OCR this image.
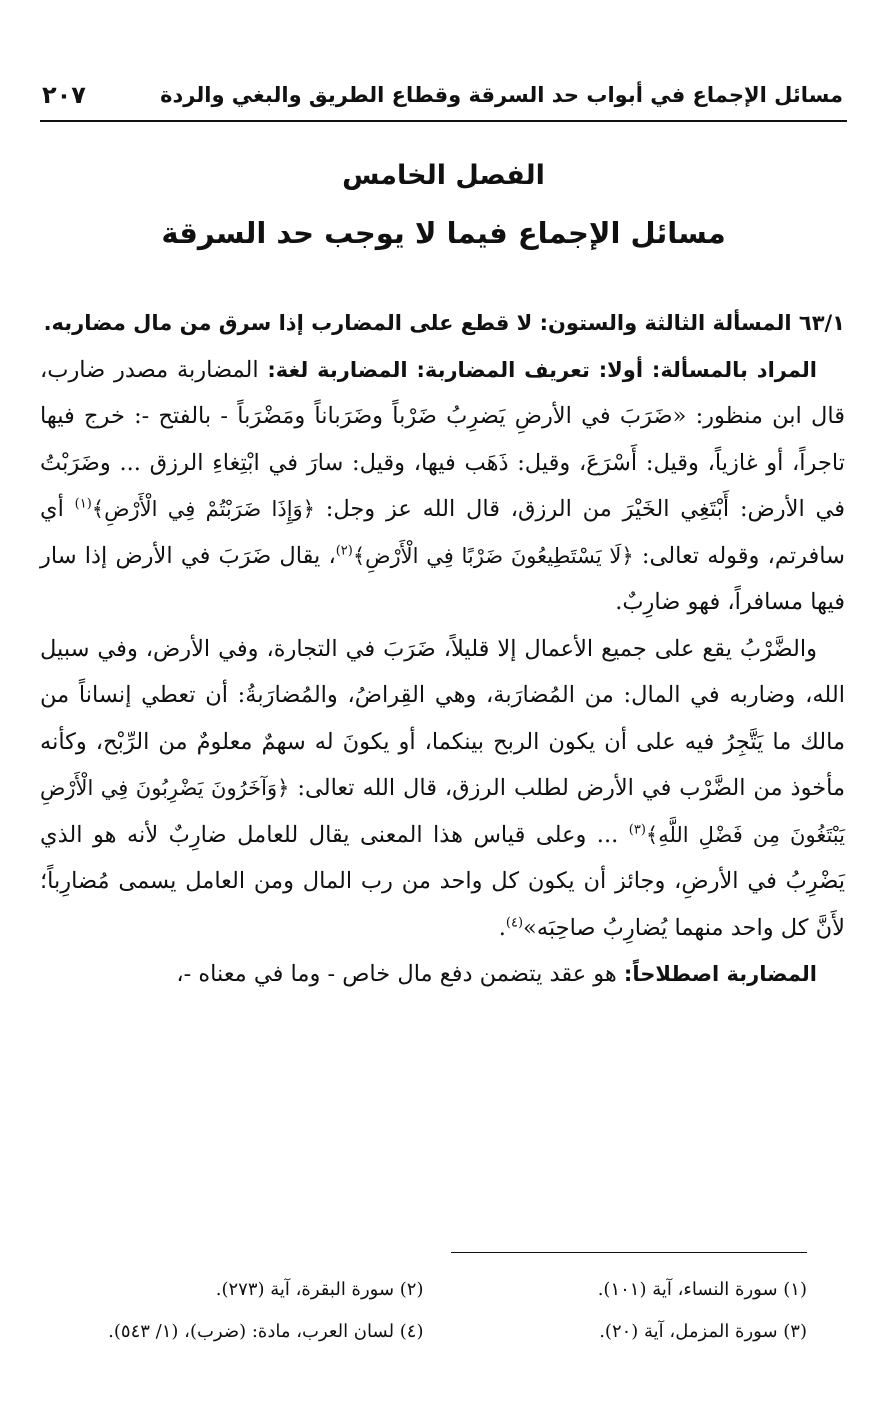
مسائل الإجماع في أبواب حد السرقة وقطاع الطريق والبغي والردة
٢٠٧
الفصل الخامس
مسائل الإجماع فيما لا يوجب حد السرقة

٦٣/١ المسألة الثالثة والستون: لا قطع على المضارب إذا سرق من مال مضاربه.

المراد بالمسألة: أولا: تعريف المضاربة: المضاربة لغة: المضاربة مصدر ضارب، قال ابن منظور: «ضَرَبَ في الأرضِ يَضرِبُ ضَرْباً وضَرَباناً ومَضْرَباً - بالفتح -: خرج فيها تاجراً، أو غازياً، وقيل: أَسْرَعَ، وقيل: ذَهَب فيها، وقيل: سارَ في ابْتِغاءِ الرزق ... وضَرَبْتُ في الأرض: أَبْتَغِي الخَيْرَ من الرزق، قال الله عز وجل: ﴿وَإِذَا ضَرَبْتُمْ فِي الْأَرْضِ﴾$^{(١)}$ أي سافرتم، وقوله تعالى: ﴿لَا يَسْتَطِيعُونَ ضَرْبًا فِي الْأَرْضِ﴾$^{(٢)}$، يقال ضَرَبَ في الأرض إذا سار فيها مسافراً، فهو ضارِبٌ.

والضَّرْبُ يقع على جميع الأعمال إلا قليلاً، ضَرَبَ في التجارة، وفي الأرض، وفي سبيل الله، وضاربه في المال: من المُضارَبة، وهي القِراضُ، والمُضارَبةُ: أن تعطي إنساناً من مالك ما يَتَّجِرُ فيه على أن يكون الربح بينكما، أو يكونَ له سهمٌ معلومٌ من الرِّبْح، وكأنه مأخوذ من الضَّرْب في الأرض لطلب الرزق، قال الله تعالى: ﴿وَآخَرُونَ يَضْرِبُونَ فِي الْأَرْضِ يَبْتَغُونَ مِن فَضْلِ اللَّهِ﴾$^{(٣)}$ ... وعلى قياس هذا المعنى يقال للعامل ضارِبٌ لأنه هو الذي يَضْرِبُ في الأرضِ، وجائز أن يكون كل واحد من رب المال ومن العامل يسمى مُضارِباً؛ لأَنَّ كل واحد منهما يُضارِبُ صاحِبَه»$^{(٤)}$.

المضاربة اصطلاحاً: هو عقد يتضمن دفع مال خاص - وما في معناه -،

(١) سورة النساء، آية (١٠١).
(٢) سورة البقرة، آية (٢٧٣).
(٣) سورة المزمل، آية (٢٠).
(٤) لسان العرب، مادة: (ضرب)، (١/ ٥٤٣).
